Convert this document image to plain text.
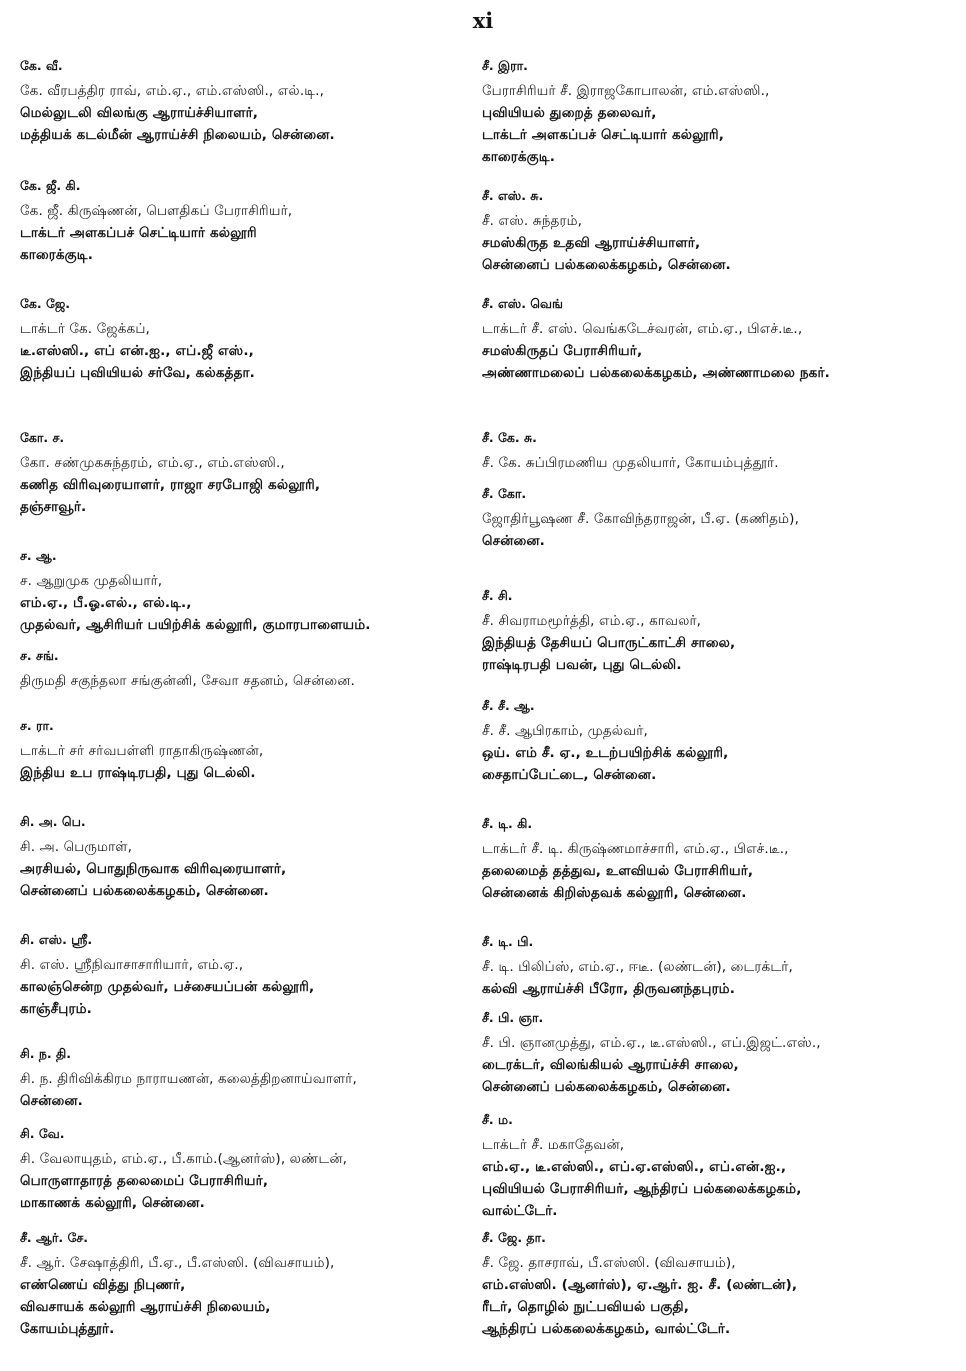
xi
கே. வீ.
கே. வீரபத்திர ராவ், எம்.ஏ., எம்.எஸ்ஸி., எல்.டி.,
மெல்லுடலி விலங்கு ஆராய்ச்சியாளர்,
மத்தியக் கடல்மீன் ஆராய்ச்சி நிலையம், சென்னை.
கே. ஜீ. கி.
கே. ஜீ. கிருஷ்ணன், பௌதிகப் பேராசிரியர்,
டாக்டர் அளகப்பச் செட்டியார் கல்லூரி
காரைக்குடி.
கே. ஜே.
டாக்டர் கே. ஜேக்கப்,
டீ.எஸ்ஸி., எப் என்.ஐ., எப்.ஜீ எஸ்.,
இந்தியப் புவியியல் சர்வே, கல்கத்தா.
கோ. ச.
கோ. சண்முகசுந்தரம், எம்.ஏ., எம்.எஸ்ஸி.,
கணித விரிவுரையாளர், ராஜா சரபோஜி கல்லூரி,
தஞ்சாவூர்.
ச. ஆ.
ச. ஆறுமுக முதலியார்,
எம்.ஏ., பீ.ஓ.எல்., எல்.டி.,
முதல்வர், ஆசிரியர் பயிற்சிக் கல்லூரி, குமாரபாளையம்.
ச. சங்.
திருமதி சகுந்தலா சங்குன்னி, சேவா சதனம், சென்னை.
ச. ரா.
டாக்டர் சர் சர்வபள்ளி ராதாகிருஷ்ணன்,
இந்திய உப ராஷ்டிரபதி, புது டெல்லி.
சி. அ. பெ.
சி. அ. பெருமாள்,
அரசியல், பொதுநிருவாக விரிவுரையாளர்,
சென்னைப் பல்கலைக்கழகம், சென்னை.
சி. எஸ். ஸ்ரீ.
சி. எஸ். ஸ்ரீநிவாசாசாரியார், எம்.ஏ.,
காலஞ்சென்ற முதல்வர், பச்சையப்பன் கல்லூரி,
காஞ்சீபுரம்.
சி. ந. தி.
சி. ந. திரிவிக்கிரம நாராயணன், கலைத்திறனாய்வாளர்,
சென்னை.
சி. வே.
சி. வேலாயுதம், எம்.ஏ., பீ.காம்.(ஆனர்ஸ்), லண்டன்,
பொருளாதாரத் தலைமைப் பேராசிரியர்,
மாகாணக் கல்லூரி, சென்னை.
சீ. ஆர். சே.
சீ. ஆர். சேஷாத்திரி, பீ.ஏ., பீ.எஸ்ஸி. (விவசாயம்),
எண்ணெய் வித்து நிபுணர்,
விவசாயக் கல்லூரி ஆராய்ச்சி நிலையம்,
கோயம்புத்தூர்.
சீ. இரா.
பேராசிரியர் சீ. இராஜகோபாலன், எம்.எஸ்ஸி.,
புவியியல் துறைத் தலைவர்,
டாக்டர் அளகப்பச் செட்டியார் கல்லூரி,
காரைக்குடி.
சீ. எஸ். சு.
சீ. எஸ். சுந்தரம்,
சமஸ்கிருத உதவி ஆராய்ச்சியாளர்,
சென்னைப் பல்கலைக்கழகம், சென்னை.
சீ. எஸ். வெங்
டாக்டர் சீ. எஸ். வெங்கடேச்வரன், எம்.ஏ., பிஎச்.டீ.,
சமஸ்கிருதப் பேராசிரியர்,
அண்ணாமலைப் பல்கலைக்கழகம், அண்ணாமலை நகர்.
சீ. கே. சு.
சீ. கே. சுப்பிரமணிய முதலியார், கோயம்புத்தூர்.
சீ. கோ.
ஜோதிர்பூஷண சீ. கோவிந்தராஜன், பீ.ஏ. (கணிதம்),
சென்னை.
சீ. சி.
சீ. சிவராமமூர்த்தி, எம்.ஏ., காவலர்,
இந்தியத் தேசியப் பொருட்காட்சி சாலை,
ராஷ்டிரபதி பவன், புது டெல்லி.
சீ. சீ. ஆ.
சீ. சீ. ஆபிரகாம், முதல்வர்,
ஒய். எம் சீ. ஏ., உடற்பயிற்சிக் கல்லூரி,
சைதாப்பேட்டை, சென்னை.
சீ. டி. கி.
டாக்டர் சீ. டி. கிருஷ்ணமாச்சாரி, எம்.ஏ., பிஎச்.டீ.,
தலைமைத் தத்துவ, உளவியல் பேராசிரியர்,
சென்னைக் கிறிஸ்தவக் கல்லூரி, சென்னை.
சீ. டி. பி.
சீ. டி. பிலிப்ஸ், எம்.ஏ., ஈடீ. (லண்டன்), டைரக்டர்,
கல்வி ஆராய்ச்சி பீரோ, திருவனந்தபுரம்.
சீ. பி. ஞா.
சீ. பி. ஞானமுத்து, எம்.ஏ., டீ.எஸ்ஸி., எப்.இஜட்.எஸ்.,
டைரக்டர், விலங்கியல் ஆராய்ச்சி சாலை,
சென்னைப் பல்கலைக்கழகம், சென்னை.
சீ. ம.
டாக்டர் சீ. மகாதேவன்,
எம்.ஏ., டீ.எஸ்ஸி., எப்.ஏ.எஸ்ஸி., எப்.என்.ஐ.,
புவியியல் பேராசிரியர், ஆந்திரப் பல்கலைக்கழகம்,
வால்ட்டேர்.
சீ. ஜே. தா.
சீ. ஜே. தாசராவ், பீ.எஸ்ஸி. (விவசாயம்),
எம்.எஸ்ஸி. (ஆனர்ஸ்), ஏ.ஆர். ஐ. சீ. (லண்டன்),
ரீடர், தொழில் நுட்பவியல் பகுதி,
ஆந்திரப் பல்கலைக்கழகம், வால்ட்டேர்.
